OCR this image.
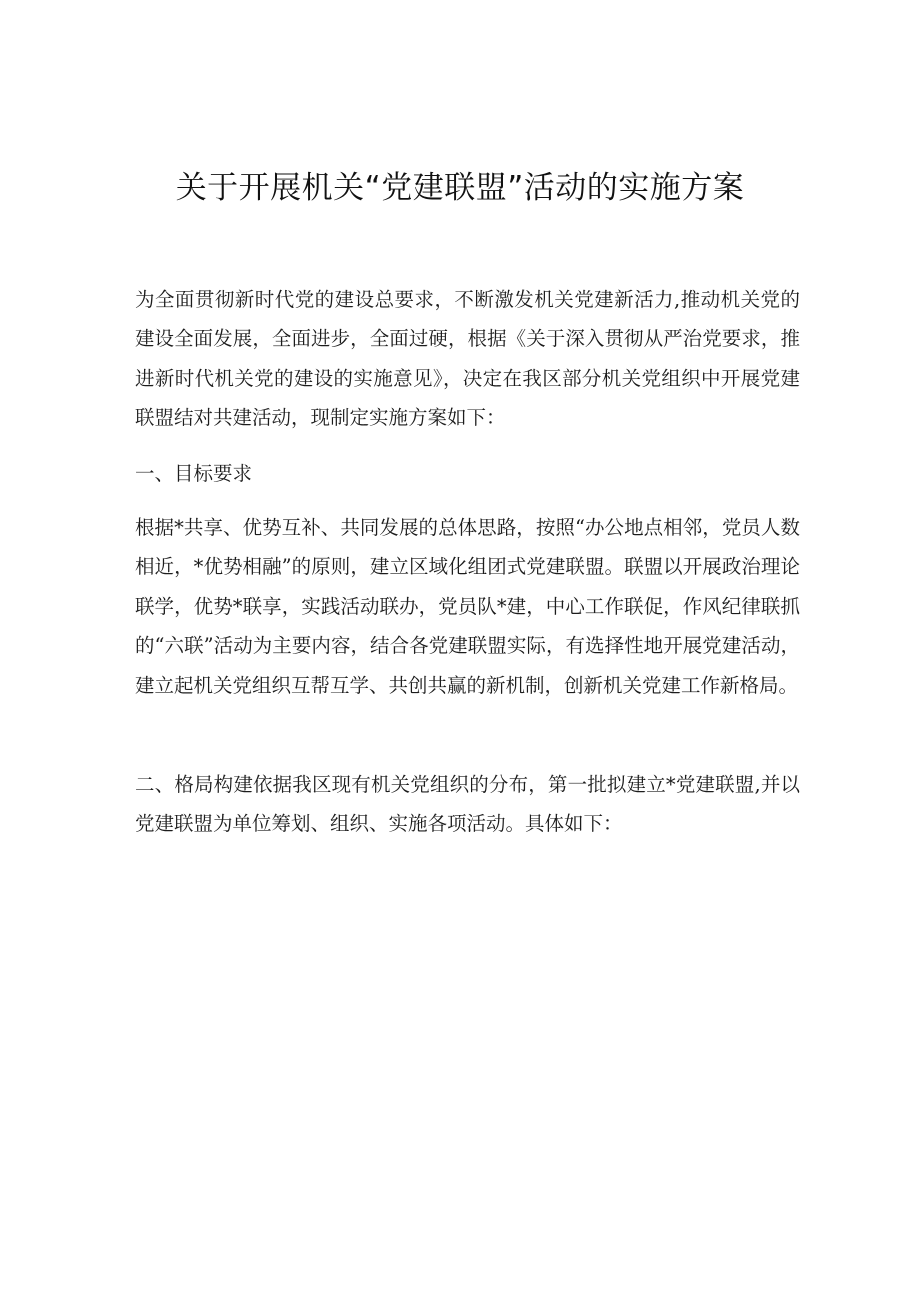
关于开展机关“党建联盟”活动的实施方案
为全面贯彻新时代党的建设总要求，不断激发机关党建新活力,推动机关党的建设全面发展，全面进步，全面过硬，根据《关于深入贯彻从严治党要求，推进新时代机关党的建设的实施意见》，决定在我区部分机关党组织中开展党建联盟结对共建活动，现制定实施方案如下：
一、目标要求
根据*共享、优势互补、共同发展的总体思路，按照“办公地点相邻，党员人数相近，*优势相融”的原则，建立区域化组团式党建联盟。联盟以开展政治理论联学，优势*联享，实践活动联办，党员队*建，中心工作联促，作风纪律联抓的“六联”活动为主要内容，结合各党建联盟实际，有选择性地开展党建活动，建立起机关党组织互帮互学、共创共赢的新机制，创新机关党建工作新格局。
二、格局构建依据我区现有机关党组织的分布，第一批拟建立*党建联盟,并以党建联盟为单位筹划、组织、实施各项活动。具体如下：
